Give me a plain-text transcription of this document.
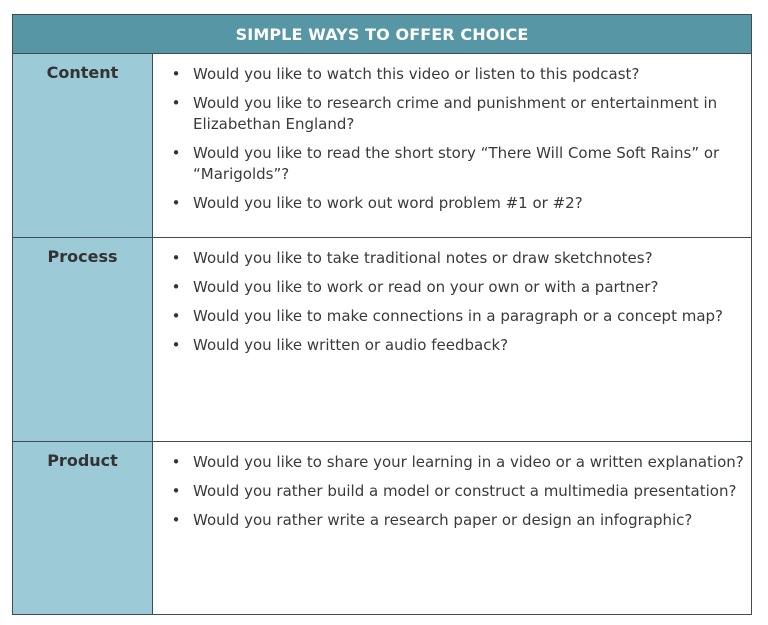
SIMPLE WAYS TO OFFER CHOICE
Content	• Would you like to watch this video or listen to this podcast?
• Would you like to research crime and punishment or entertainment in Elizabethan England?
• Would you like to read the short story “There Will Come Soft Rains” or “Marigolds”?
• Would you like to work out word problem #1 or #2?
Process	• Would you like to take traditional notes or draw sketchnotes?
• Would you like to work or read on your own or with a partner?
• Would you like to make connections in a paragraph or a concept map?
• Would you like written or audio feedback?
Product	• Would you like to share your learning in a video or a written explanation?
• Would you rather build a model or construct a multimedia presentation?
• Would you rather write a research paper or design an infographic?
